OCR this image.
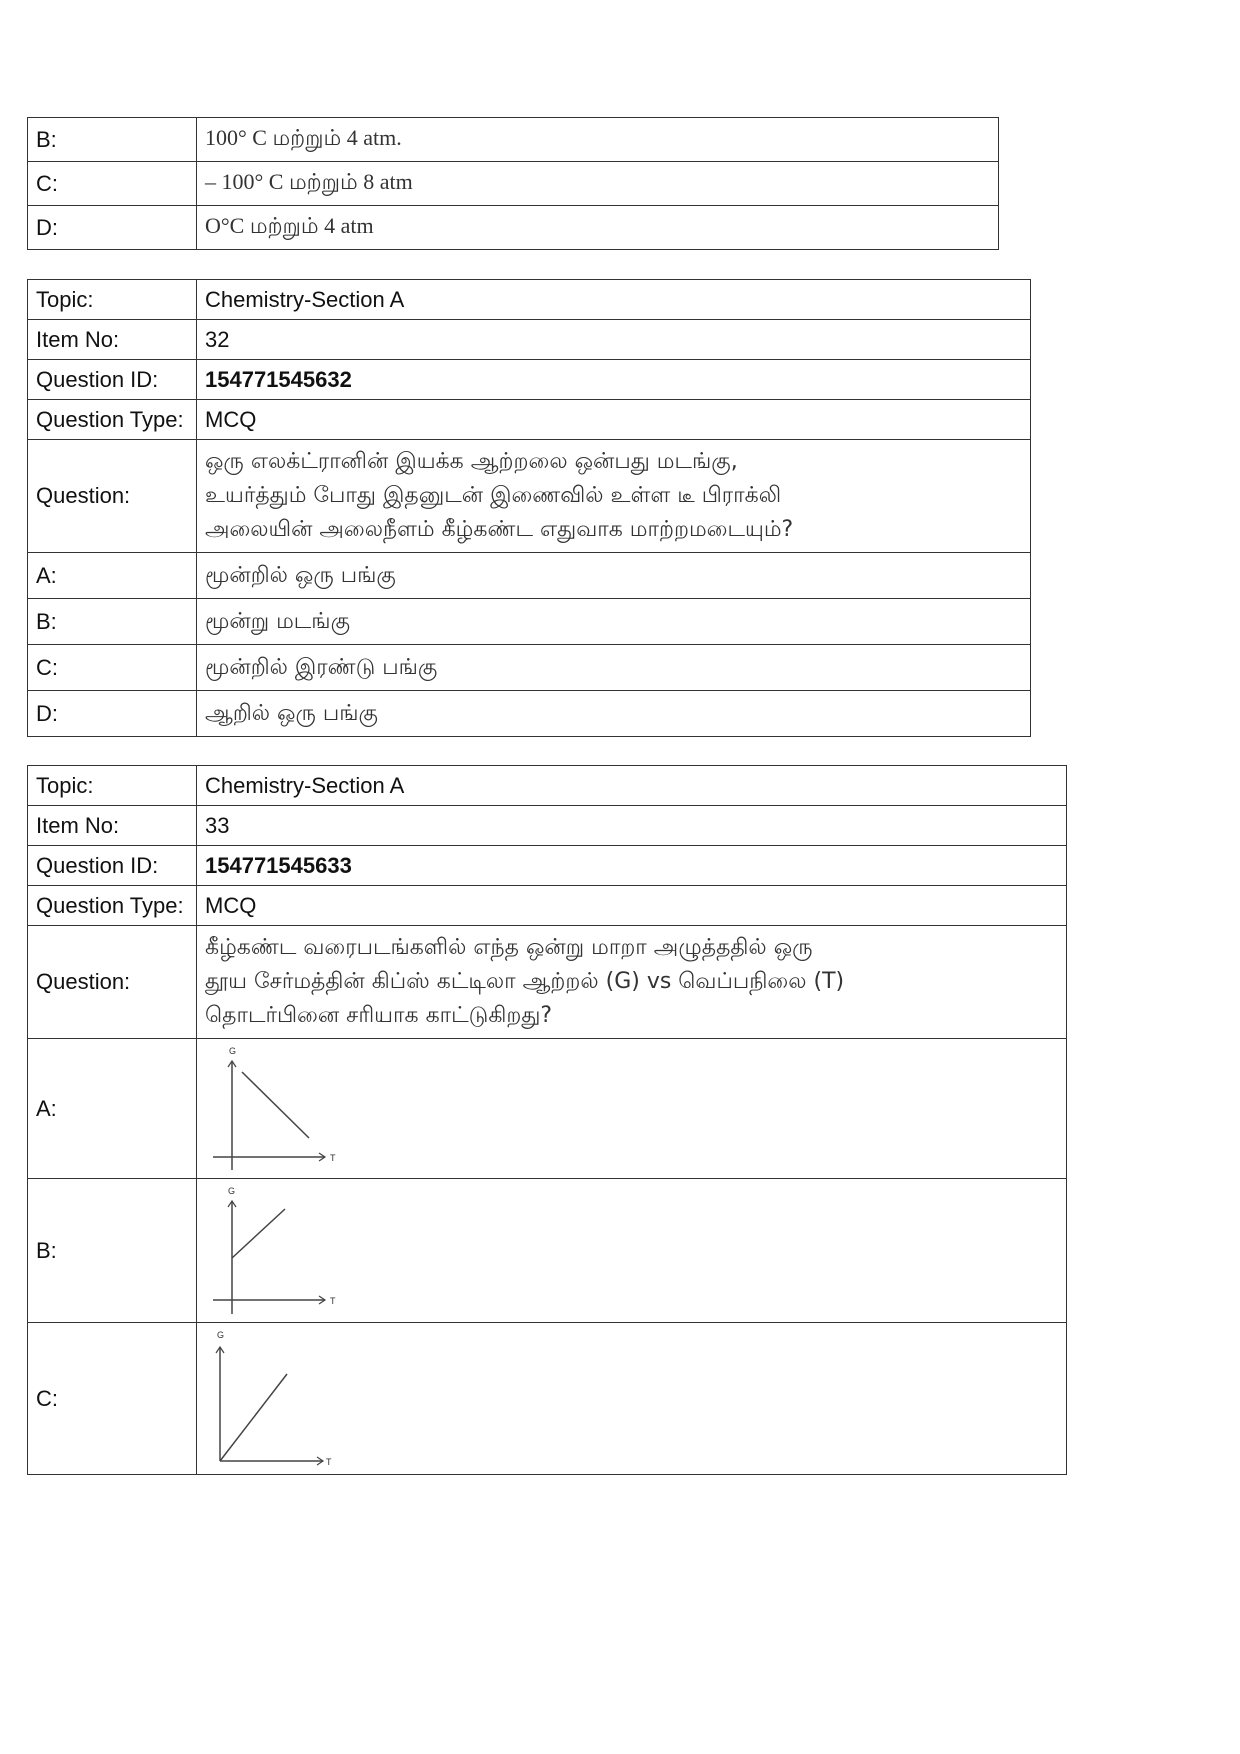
B:	100° C மற்றும் 4 atm.
C:	– 100° C மற்றும் 8 atm
D:	O°C மற்றும் 4 atm
Topic:	Chemistry-Section A
Item No:	32
Question ID:	154771545632
Question Type:	MCQ
Question:	ஒரு எலக்ட்ரானின் இயக்க ஆற்றலை ஒன்பது மடங்கு,
உயர்த்தும் போது இதனுடன் இணைவில் உள்ள டீ பிராக்லி
அலையின் அலைநீளம் கீழ்கண்ட எதுவாக மாற்றமடையும்?

A:	மூன்றில் ஒரு பங்கு
B:	மூன்று மடங்கு
C:	மூன்றில் இரண்டு பங்கு
D:	ஆறில் ஒரு பங்கு
Topic:	Chemistry-Section A
Item No:	33
Question ID:	154771545633
Question Type:	MCQ
Question:	கீழ்கண்ட வரைபடங்களில் எந்த ஒன்று மாறா அழுத்ததில் ஒரு
தூய சேர்மத்தின் கிப்ஸ் கட்டிலா ஆற்றல் (G) vs வெப்பநிலை (T)
தொடர்பினை சரியாக காட்டுகிறது?

A:	G
T

B:	G
T

C:	G
T
